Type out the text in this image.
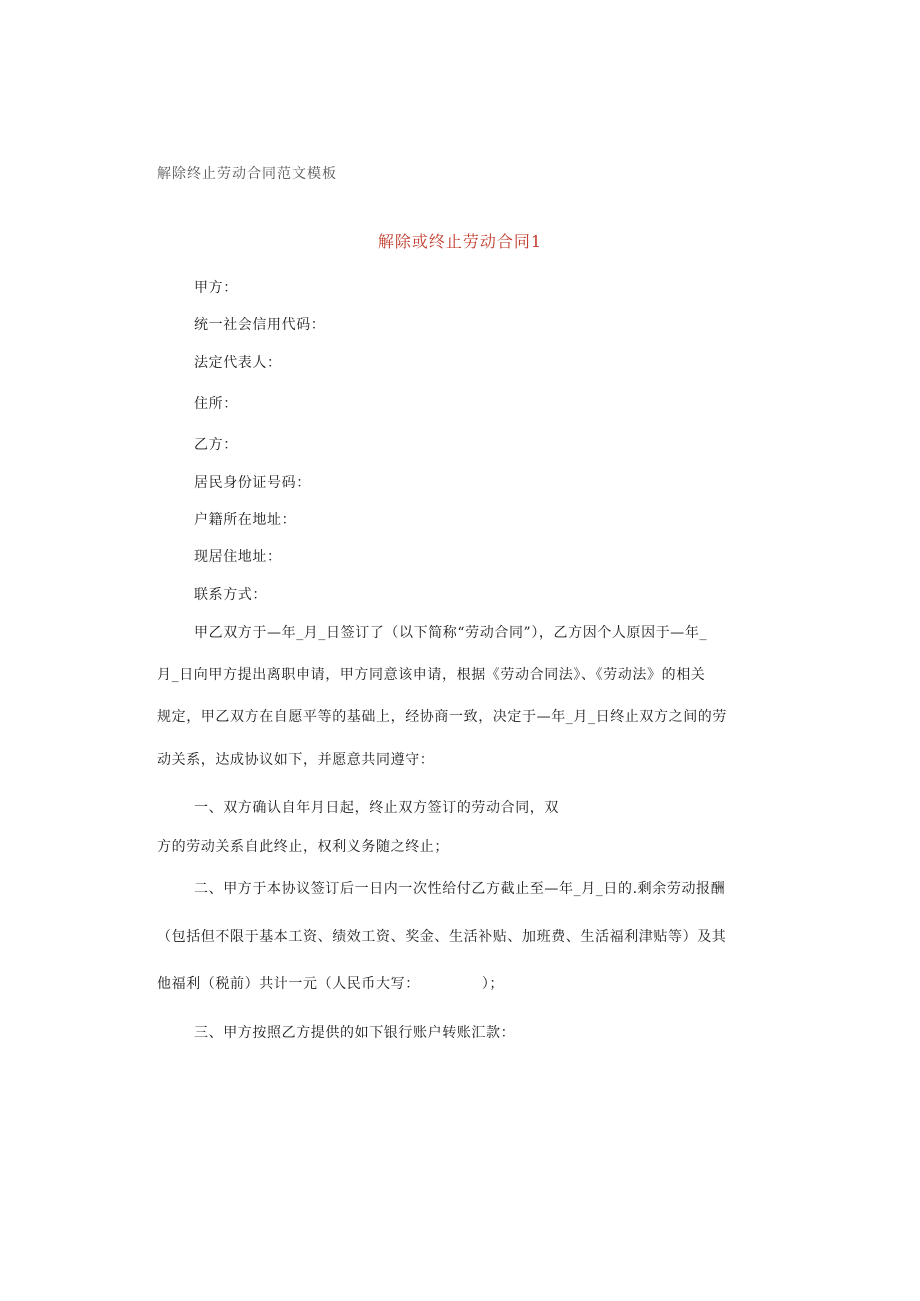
解除终止劳动合同范文模板
解除或终止劳动合同1
甲方：
统一社会信用代码：
法定代表人：
住所：
乙方：
居民身份证号码：
户籍所在地址：
现居住地址：
联系方式：
甲乙双方于—年_月_日签订了（以下简称“劳动合同”），乙方因个人原因于—年_
月_日向甲方提出离职申请，甲方同意该申请，根据《劳动合同法》、《劳动法》的相关
规定，甲乙双方在自愿平等的基础上，经协商一致，决定于—年_月_日终止双方之间的劳
动关系，达成协议如下，并愿意共同遵守：
一、双方确认自年月日起，终止双方签订的劳动合同，双
方的劳动关系自此终止，权利义务随之终止；
二、甲方于本协议签订后一日内一次性给付乙方截止至—年_月_日的.剩余劳动报酬
（包括但不限于基本工资、绩效工资、奖金、生活补贴、加班费、生活福利津贴等）及其
他福利（税前）共计一元（人民币大写：	）；
三、甲方按照乙方提供的如下银行账户转账汇款：
